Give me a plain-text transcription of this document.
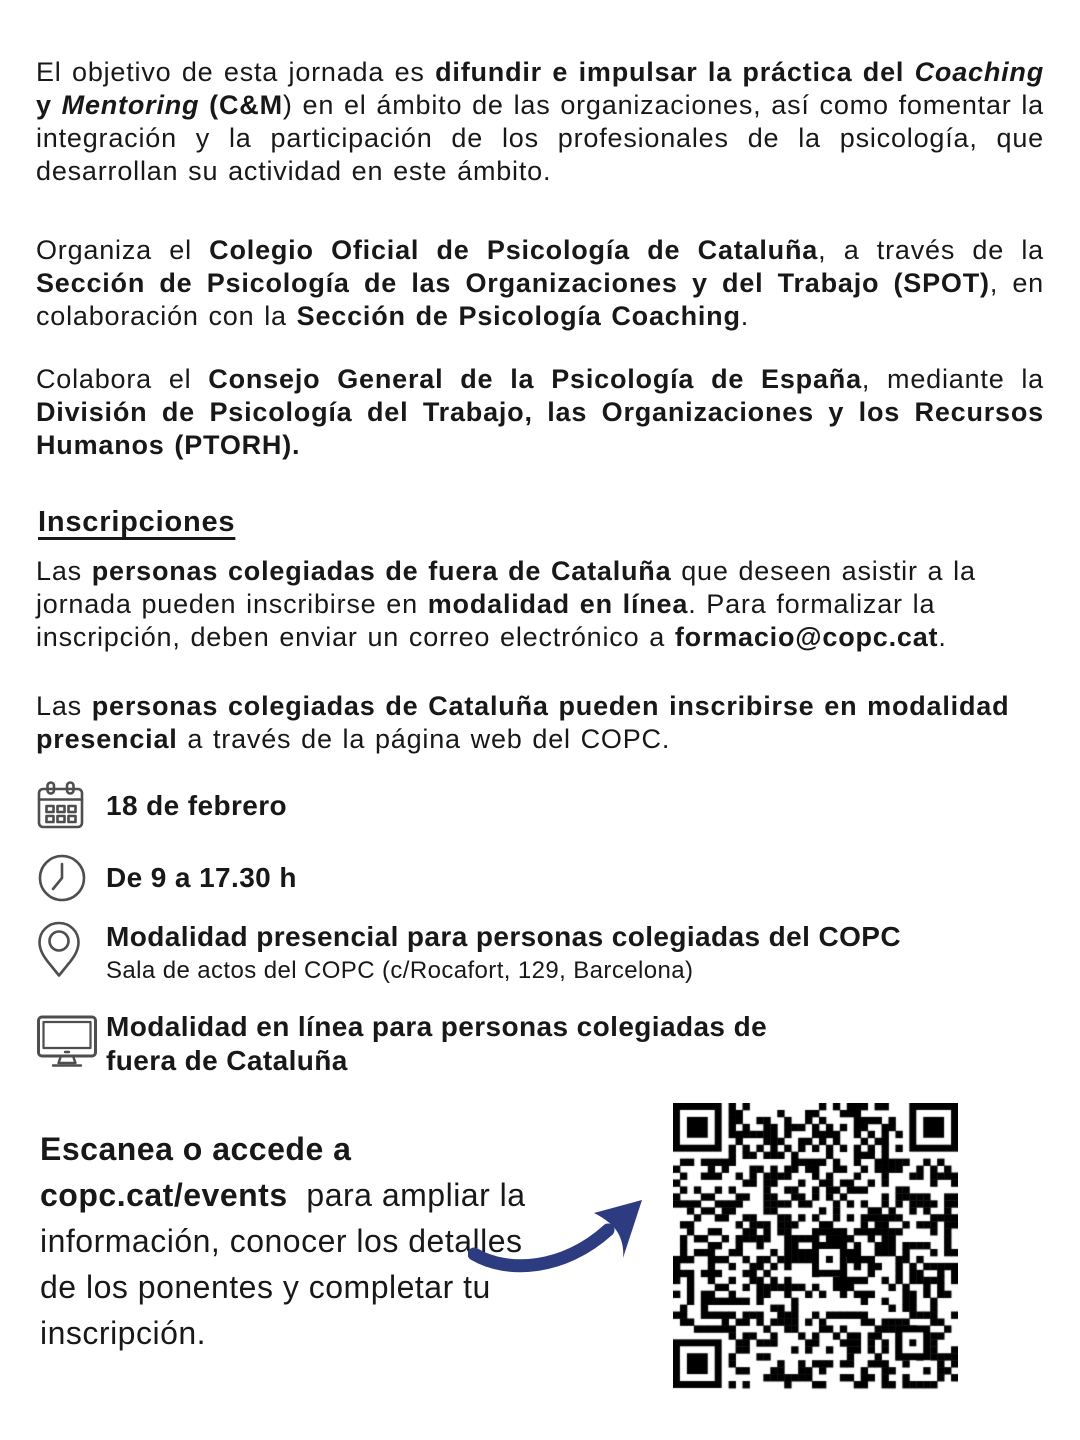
El objetivo de esta jornada es difundir e impulsar la práctica del Coaching y Mentoring (C&M) en el ámbito de las organizaciones, así como fomentar la integración y la participación de los profesionales de la psicología, que desarrollan su actividad en este ámbito.

Organiza el Colegio Oficial de Psicología de Cataluña, a través de la Sección de Psicología de las Organizaciones y del Trabajo (SPOT), en colaboración con la Sección de Psicología Coaching.

Colabora el Consejo General de la Psicología de España, mediante la División de Psicología del Trabajo, las Organizaciones y los Recursos Humanos (PTORH).

Inscripciones

Las personas colegiadas de fuera de Cataluña que deseen asistir a la jornada pueden inscribirse en modalidad en línea. Para formalizar la inscripción, deben enviar un correo electrónico a formacio@copc.cat.

Las personas colegiadas de Cataluña pueden inscribirse en modalidad presencial a través de la página web del COPC.

18 de febrero
De 9 a 17.30 h
Modalidad presencial para personas colegiadas del COPC
Sala de actos del COPC (c/Rocafort, 129, Barcelona)
Modalidad en línea para personas colegiadas de
fuera de Cataluña
Escanea o accede a
copc.cat/events  para ampliar la información, conocer los detalles de los ponentes y completar tu inscripción.
